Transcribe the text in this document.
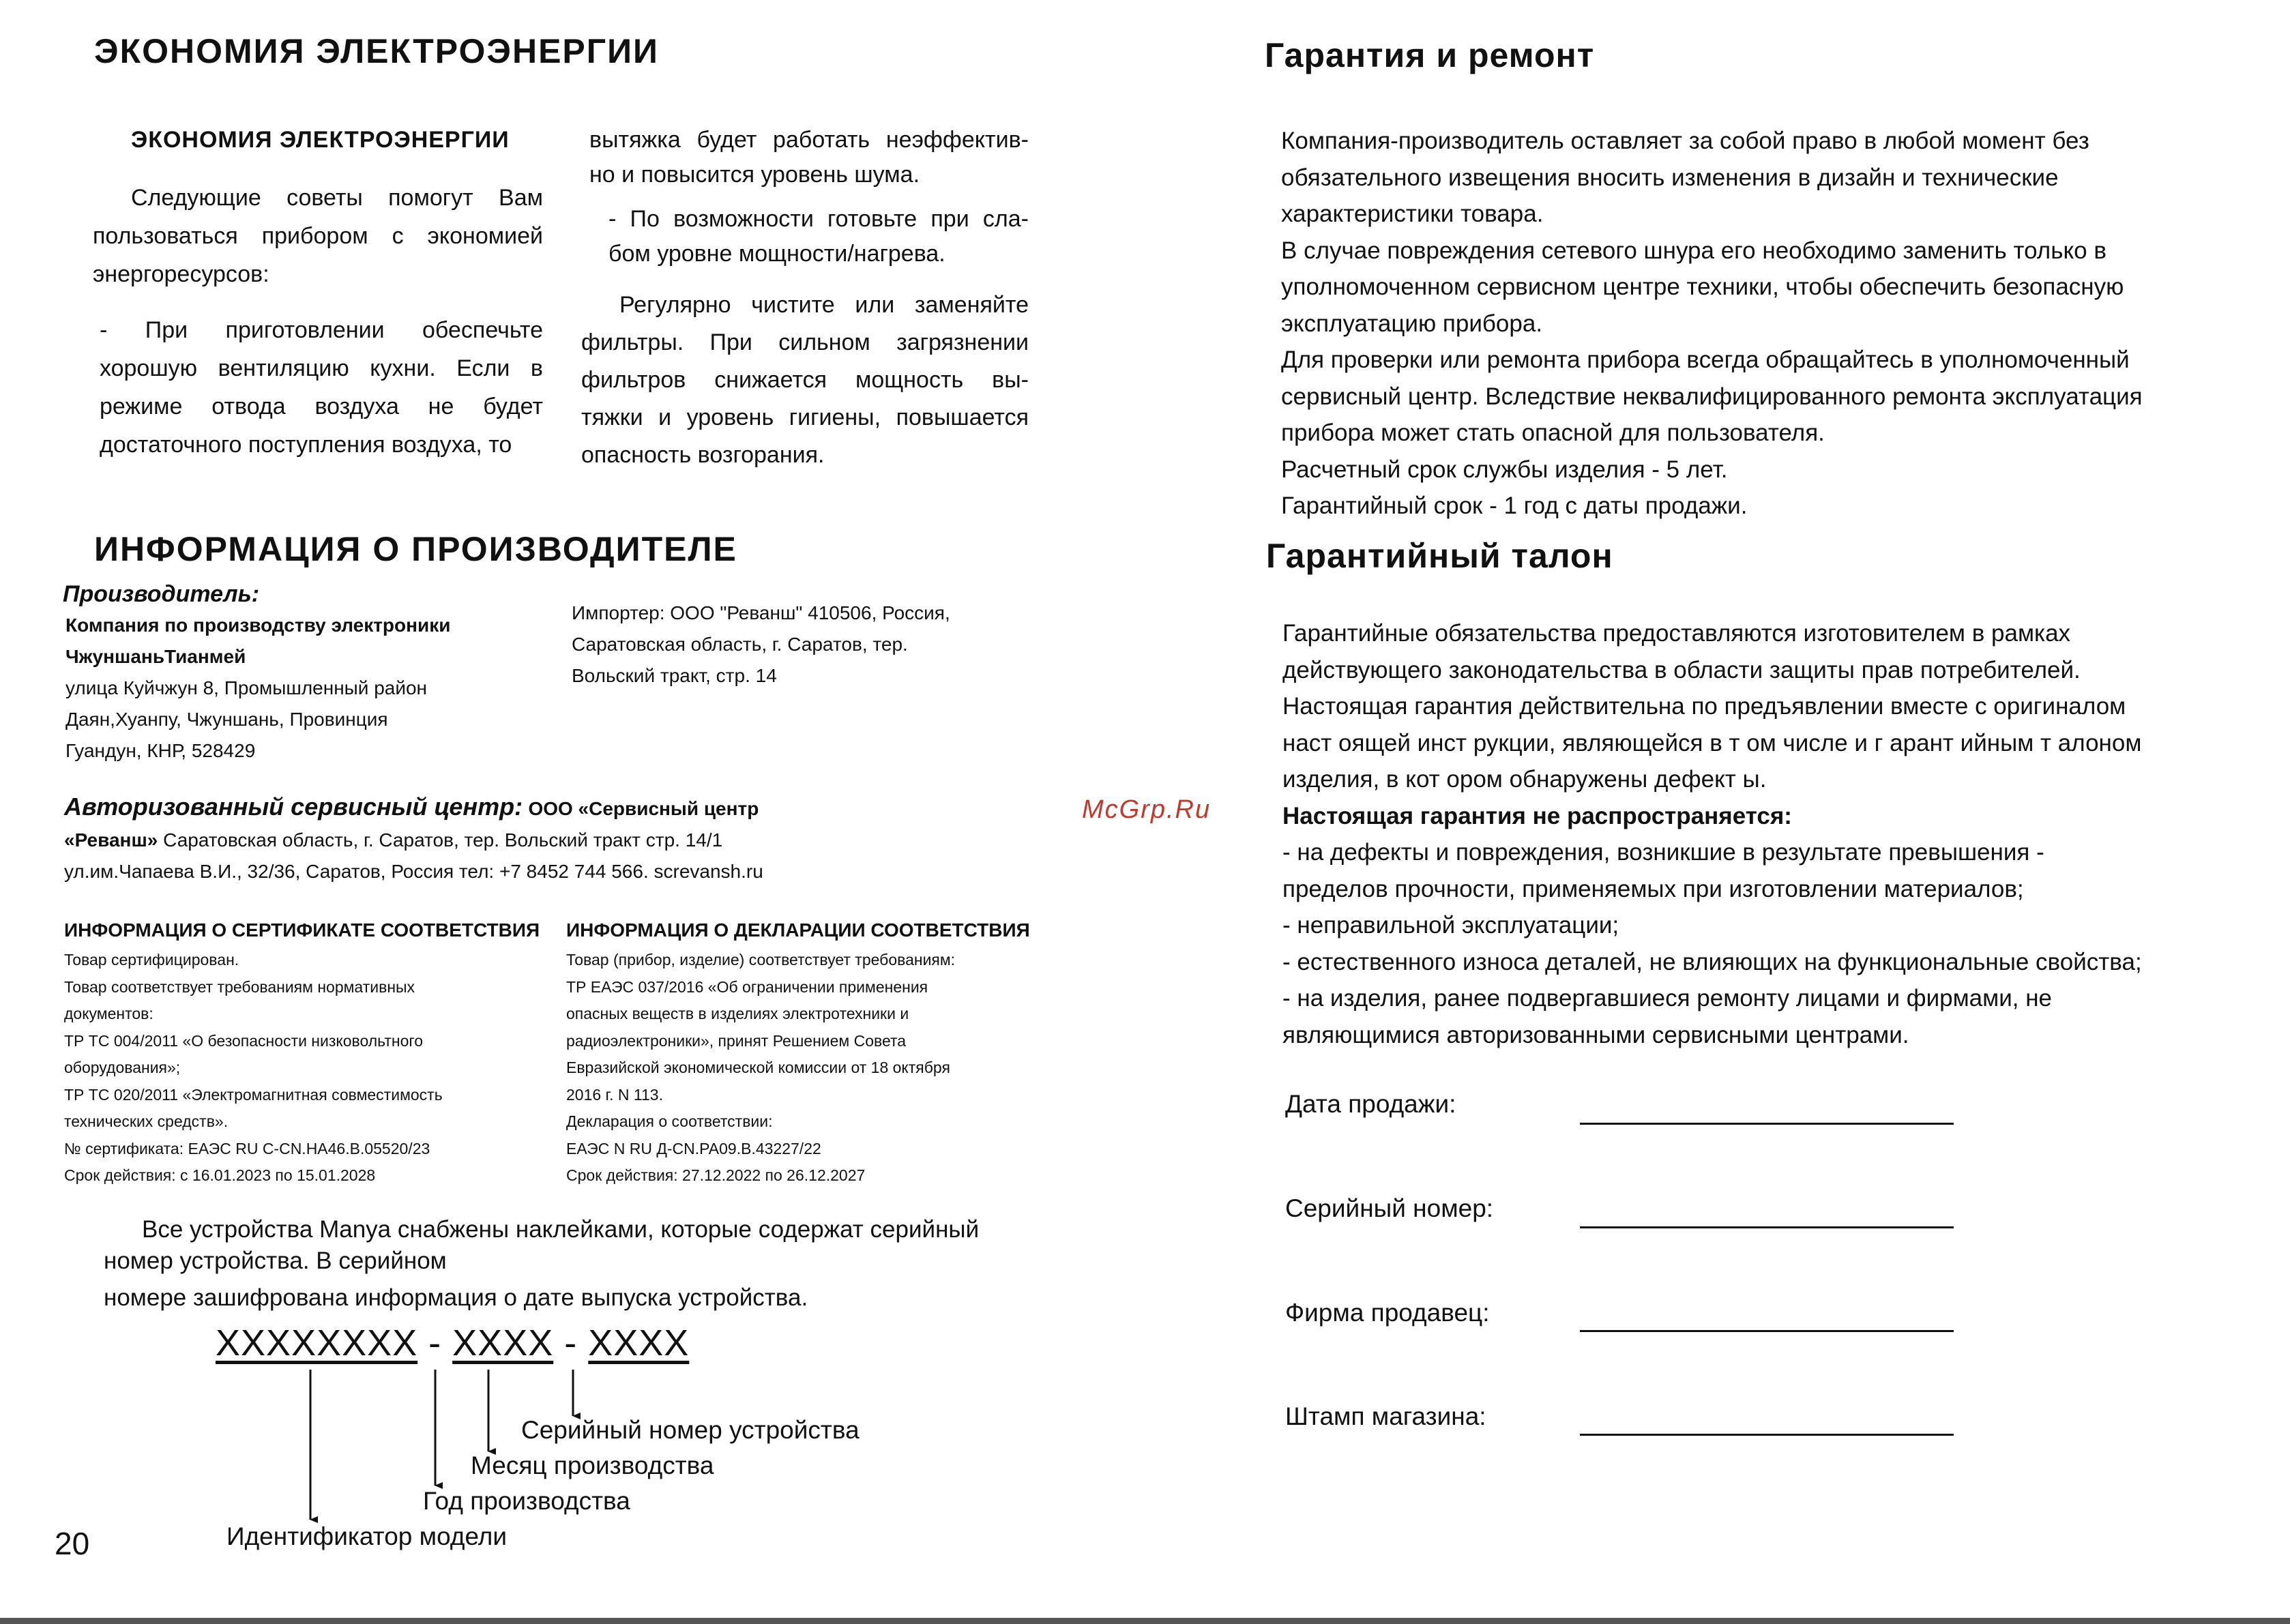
ЭКОНОМИЯ ЭЛЕКТРОЭНЕРГИИ
ЭКОНОМИЯ ЭЛЕКТРОЭНЕРГИИ

Следующие советы помогут Вам пользоваться прибором с экономией энергоресурсов:

- При приготовлении обеспечьте хорошую вентиляцию кухни. Если в режиме отвода воздуха не будет достаточного поступления воздуха, то

вытяжка будет работать неэффектив- но и повысится уровень шума.

- По возможности готовьте при сла- бом уровне мощности/нагрева.

Регулярно чистите или заменяйте фильтры. При сильном загрязнении фильтров снижается мощность вы- тяжки и уровень гигиены, повышается опасность возгорания.

ИНФОРМАЦИЯ О ПРОИЗВОДИТЕЛЕ
Производитель:
Компания по производству электроники
ЧжуншаньТианмей
улица Куйчжун 8, Промышленный район
Даян,Хуанпу, Чжуншань, Провинция
Гуандун, КНР, 528429
Импортер: ООО "Реванш" 410506, Россия,
Саратовская область, г. Саратов, тер.
Вольский тракт, стр. 14
Авторизованный сервисный центр: ООО «Сервисный центр
«Реванш» Саратовская область, г. Саратов, тер. Вольский тракт стр. 14/1
ул.им.Чапаева В.И., 32/36, Саратов, Россия тел: +7 8452 744 566. screvansh.ru
ИНФОРМАЦИЯ О СЕРТИФИКАТЕ СООТВЕТСТВИЯ
Товар сертифицирован.
Товар соответствует требованиям нормативных
документов:
ТР ТС 004/2011 «О безопасности низковольтного
оборудования»;
ТР ТС 020/2011 «Электромагнитная совместимость
технических средств».
№ сертификата: ЕАЭС RU C-CN.НА46.В.05520/23
Срок действия: с 16.01.2023 по 15.01.2028
ИНФОРМАЦИЯ О ДЕКЛАРАЦИИ СООТВЕТСТВИЯ
Товар (прибор, изделие) соответствует требованиям:
ТР ЕАЭС 037/2016 «Об ограничении применения
опасных веществ в изделиях электротехники и
радиоэлектроники», принят Решением Совета
Евразийской экономической комиссии от 18 октября
2016 г. N 113.
Декларация о соответствии:
ЕАЭС N RU Д-CN.PA09.B.43227/22
Срок действия: 27.12.2022 по 26.12.2027
Все устройства Manya снабжены наклейками, которые содержат серийный
номер устройства. В серийном
номере зашифрована информация о дате выпуска устройства.
XXXXXXXX - XXXX - XXXX
Серийный номер устройства
Месяц производства
Год производства
Идентификатор модели
20
McGrp.Ru
Гарантия и ремонт
Компания-производитель оставляет за собой право в любой момент без
обязательного извещения вносить изменения в дизайн и технические
характеристики товара.
В случае повреждения сетевого шнура его необходимо заменить только в
уполномоченном сервисном центре техники, чтобы обеспечить безопасную
эксплуатацию прибора.
Для проверки или ремонта прибора всегда обращайтесь в уполномоченный
сервисный центр. Вследствие неквалифицированного ремонта эксплуатация
прибора может стать опасной для пользователя.
Расчетный срок службы изделия - 5 лет.
Гарантийный срок - 1 год с даты продажи.
Гарантийный талон
Гарантийные обязательства предоставляются изготовителем в рамках
действующего законодательства в области защиты прав потребителей.
Настоящая гарантия действительна по предъявлении вместе с оригиналом
наст оящей инст рукции, являющейся в т ом числе и г арант ийным т алоном
изделия, в кот ором обнаружены дефект ы.
Настоящая гарантия не распространяется:
- на дефекты и повреждения, возникшие в результате превышения -
пределов прочности, применяемых при изготовлении материалов;
- неправильной эксплуатации;
- естественного износа деталей, не влияющих на функциональные свойства;
- на изделия, ранее подвергавшиеся ремонту лицами и фирмами, не
являющимися авторизованными сервисными центрами.
Дата продажи:
Серийный номер:
Фирма продавец:
Штамп магазина:
